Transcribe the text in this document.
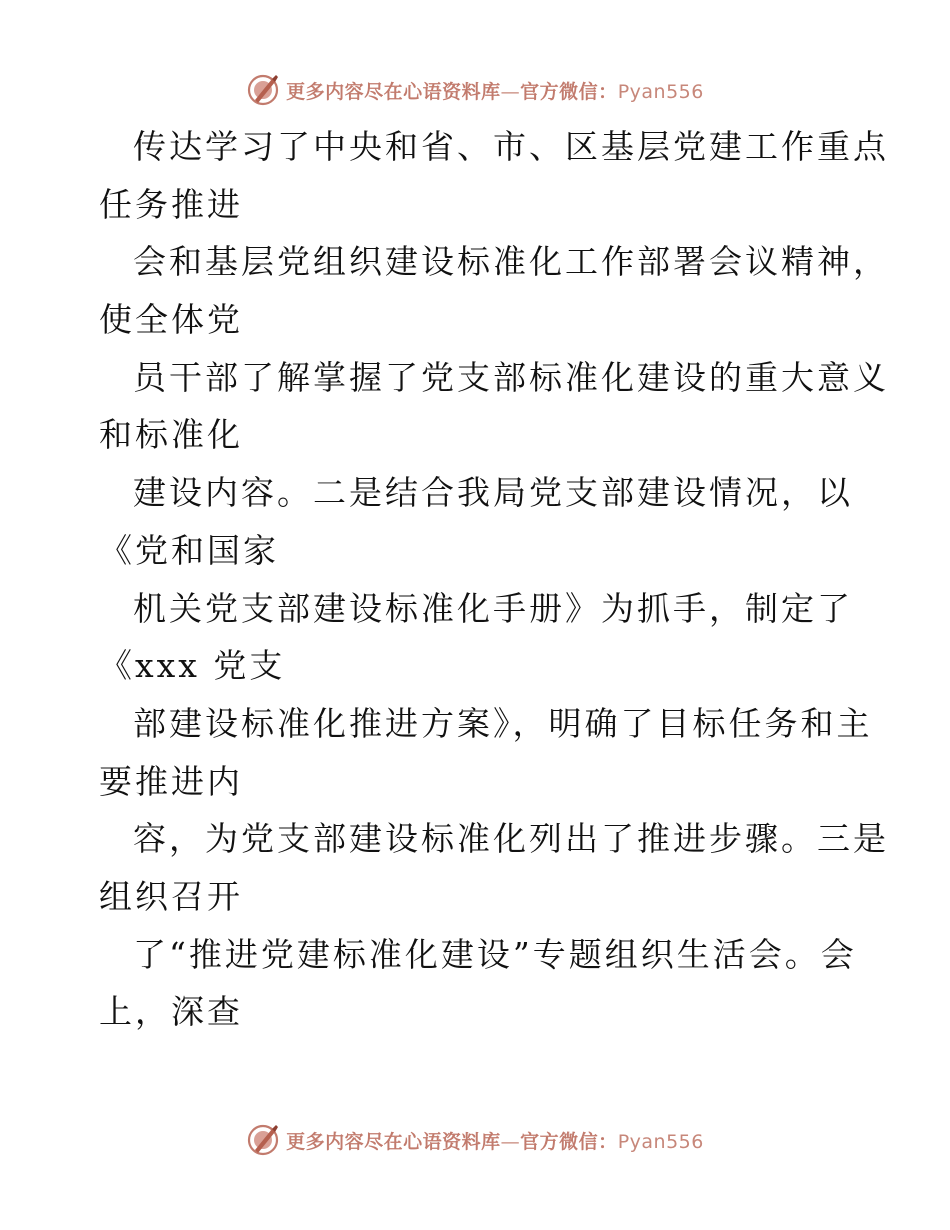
更多内容尽在心语资料库—官方微信：Pyan556
传达学习了中央和省、市、区基层党建工作重点
任务推进
会和基层党组织建设标准化工作部署会议精神，
使全体党
员干部了解掌握了党支部标准化建设的重大意义
和标准化
建设内容。二是结合我局党支部建设情况，以
《党和国家
机关党支部建设标准化手册》为抓手，制定了
《xxx 党支
部建设标准化推进方案》，明确了目标任务和主
要推进内
容，为党支部建设标准化列出了推进步骤。三是
组织召开
了“推进党建标准化建设”专题组织生活会。会
上，深查
更多内容尽在心语资料库—官方微信：Pyan556
